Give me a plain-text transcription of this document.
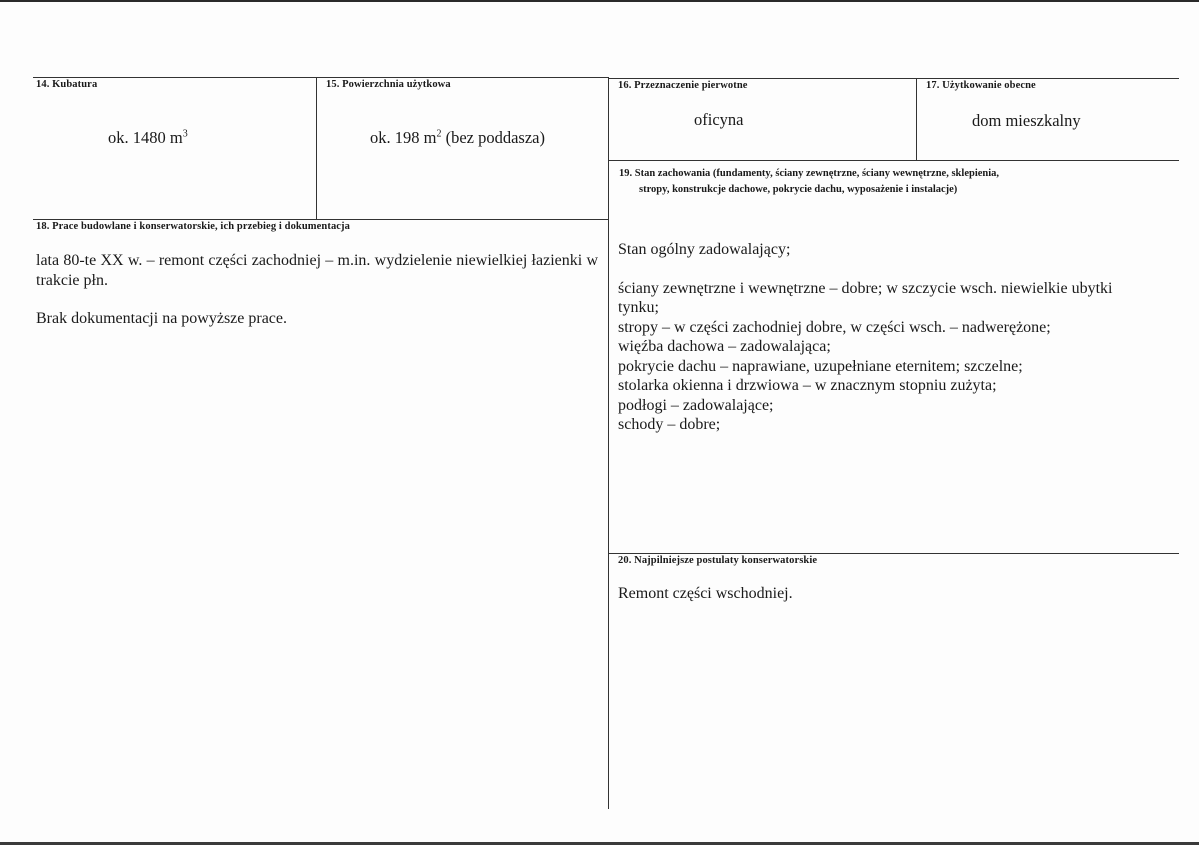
14. Kubatura
ok. 1480 $m^3$
15. Powierzchnia użytkowa
ok. 198 $m^2$ (bez poddasza)
16. Przeznaczenie pierwotne
oficyna
17. Użytkowanie obecne
dom mieszkalny
19. Stan zachowania (fundamenty, ściany zewnętrzne, ściany wewnętrzne, sklepienia,
stropy, konstrukcje dachowe, pokrycie dachu, wyposażenie i instalacje)

Stan ogólny zadowalający;

ściany zewnętrzne i wewnętrzne – dobre; w szczycie wsch. niewielkie ubytki tynku;

stropy – w części zachodniej dobre, w części wsch. – nadwerężone;

więźba dachowa – zadowalająca;

pokrycie dachu – naprawiane, uzupełniane eternitem; szczelne;

stolarka okienna i drzwiowa – w znacznym stopniu zużyta;

podłogi – zadowalające;

schody – dobre;

18. Prace budowlane i konserwatorskie, ich przebieg i dokumentacja

lata 80-te XX w. – remont części zachodniej – m.in. wydzielenie niewielkiej łazienki w trakcie płn.

Brak dokumentacji na powyższe prace.

20. Najpilniejsze postulaty konserwatorskie
Remont części wschodniej.
